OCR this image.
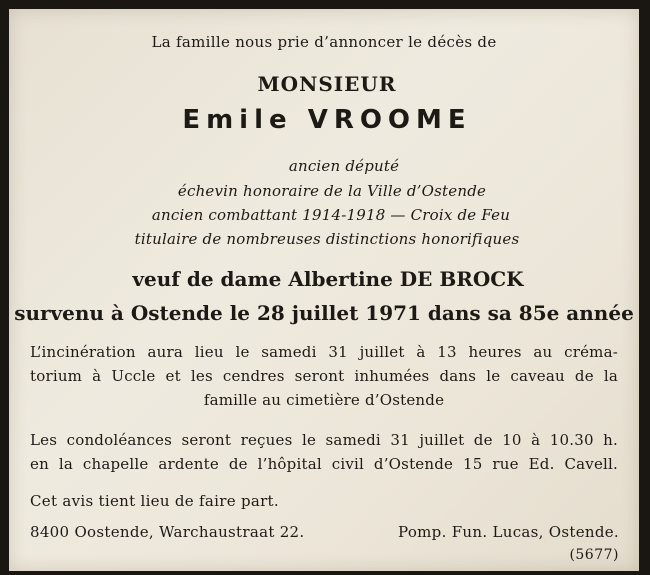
La famille nous prie d’annoncer le décès de
MONSIEUR
Emile VROOME
ancien député
échevin honoraire de la Ville d’Ostende
ancien combattant 1914-1918 — Croix de Feu
titulaire de nombreuses distinctions honorifiques
veuf de dame Albertine DE BROCK
survenu à Ostende le 28 juillet 1971 dans sa 85e année
L’incinération aura lieu le samedi 31 juillet à 13 heures au créma-
torium à Uccle et les cendres seront inhumées dans le caveau de la
famille au cimetière d’Ostende
Les condoléances seront reçues le samedi 31 juillet de 10 à 10.30 h.
en la chapelle ardente de l’hôpital civil d’Ostende 15 rue Ed. Cavell.
Cet avis tient lieu de faire part.
8400 Oostende, Warchaustraat 22.	Pomp. Fun. Lucas, Ostende.
(5677)
